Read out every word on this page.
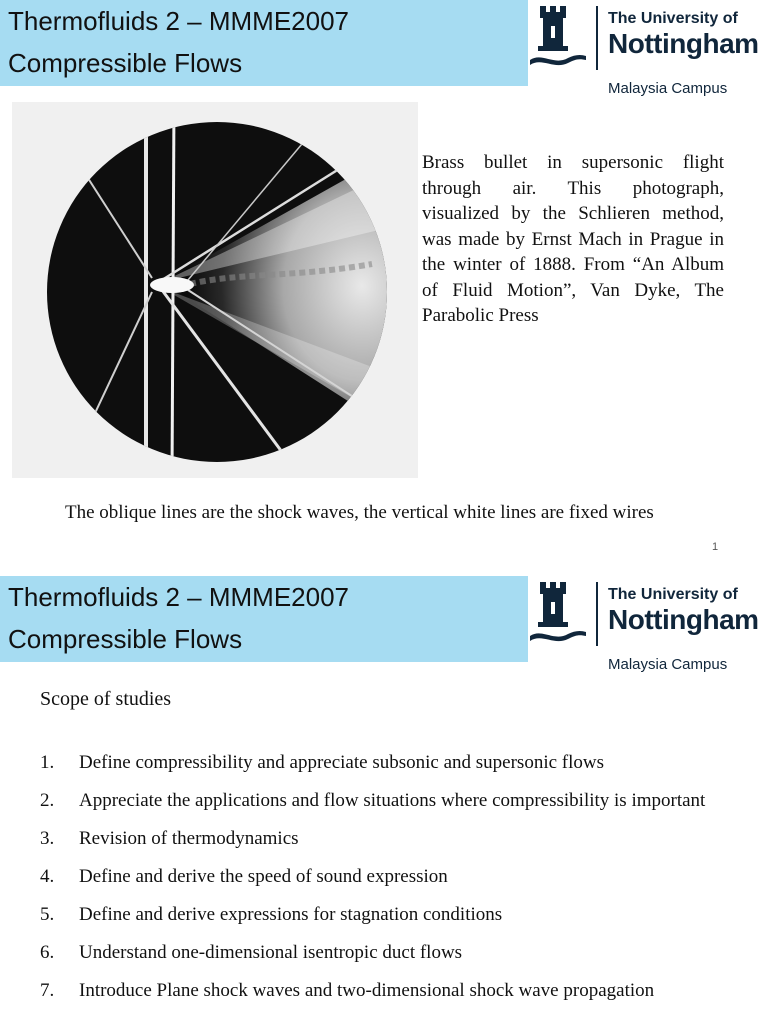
Thermofluids 2 – MMME2007
Compressible Flows
The University of
Nottingham
Malaysia Campus
Brass bullet in supersonic flight through air. This photograph, visualized by the Schlieren method, was made by Ernst Mach in Prague in the winter of 1888. From “An Album of Fluid Motion”, Van Dyke, The Parabolic Press
The oblique lines are the shock waves, the vertical white lines are fixed wires
1
Thermofluids 2 – MMME2007
Compressible Flows
The University of
Nottingham
Malaysia Campus
Scope of studies
1. Define compressibility and appreciate subsonic and supersonic flows
2. Appreciate the applications and flow situations where compressibility is important
3. Revision of thermodynamics
4. Define and derive the speed of sound expression
5. Define and derive expressions for stagnation conditions
6. Understand one-dimensional isentropic duct flows
7. Introduce Plane shock waves and two-dimensional shock wave propagation
